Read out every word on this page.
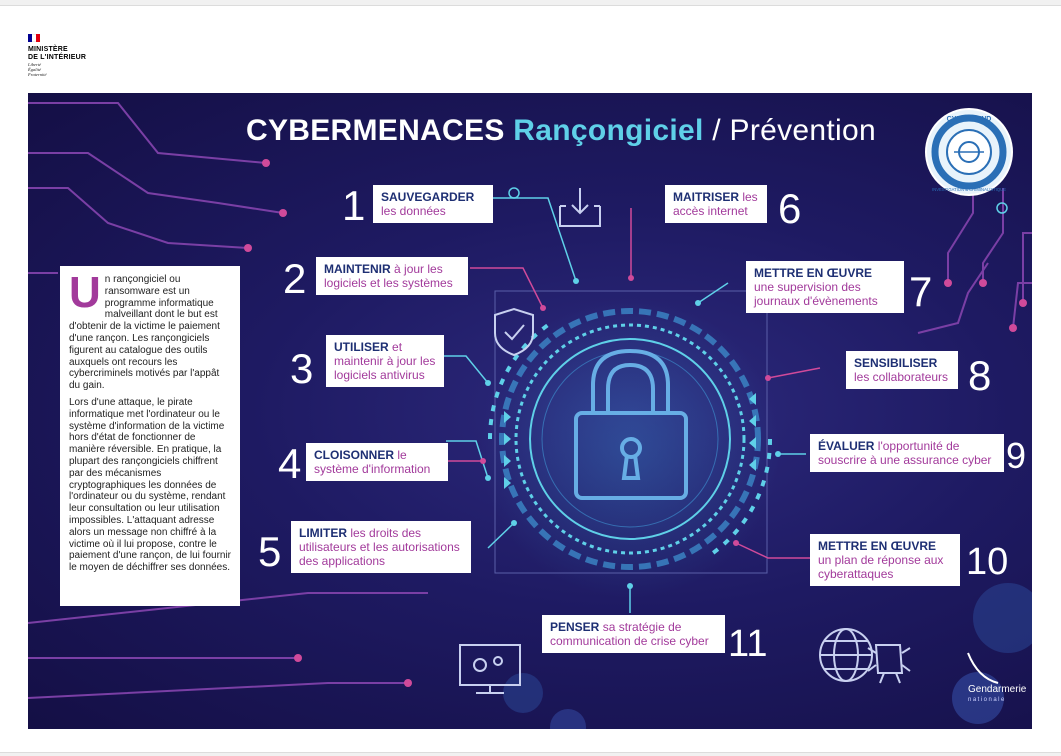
MINISTÈRE
DE L'INTÉRIEUR
Liberté
Égalité
Fraternité
CYBERMENACES Rançongiciel / Prévention	CYBERGEND
INVESTIGATION & CRIMINALISTIQUE
U n rançongiciel ou ransomware est un programme informatique malveillant dont le but est d'obtenir de la victime le paiement d'une rançon. Les rançongiciels figurent au catalogue des outils auxquels ont recours les cybercriminels motivés par l'appât du gain.

Lors d'une attaque, le pirate informatique met l'ordinateur ou le système d'information de la victime hors d'état de fonctionner de manière réversible. En pratique, la plupart des rançongiciels chiffrent par des mécanismes cryptographiques les données de l'ordinateur ou du système, rendant leur consultation ou leur utilisation impossibles. L'attaquant adresse alors un message non chiffré à la victime où il lui propose, contre le paiement d'une rançon, de lui fournir le moyen de déchiffrer ses données.

1	SAUVEGARDER
les données
2	MAINTENIR à jour les logiciels et les systèmes
3	UTILISER et maintenir à jour les logiciels antivirus
4	CLOISONNER le système d'information
5	LIMITER les droits des utilisateurs et les autorisations des applications
MAITRISER les accès internet 6
METTRE EN ŒUVRE
une supervision des journaux d'évènements 7
SENSIBILISER
les collaborateurs 8
ÉVALUER l'opportunité de souscrire à une assurance cyber 9
METTRE EN ŒUVRE
un plan de réponse aux cyberattaques	10
PENSER sa stratégie de communication de crise cyber 11
Gendarmerie
nationale
